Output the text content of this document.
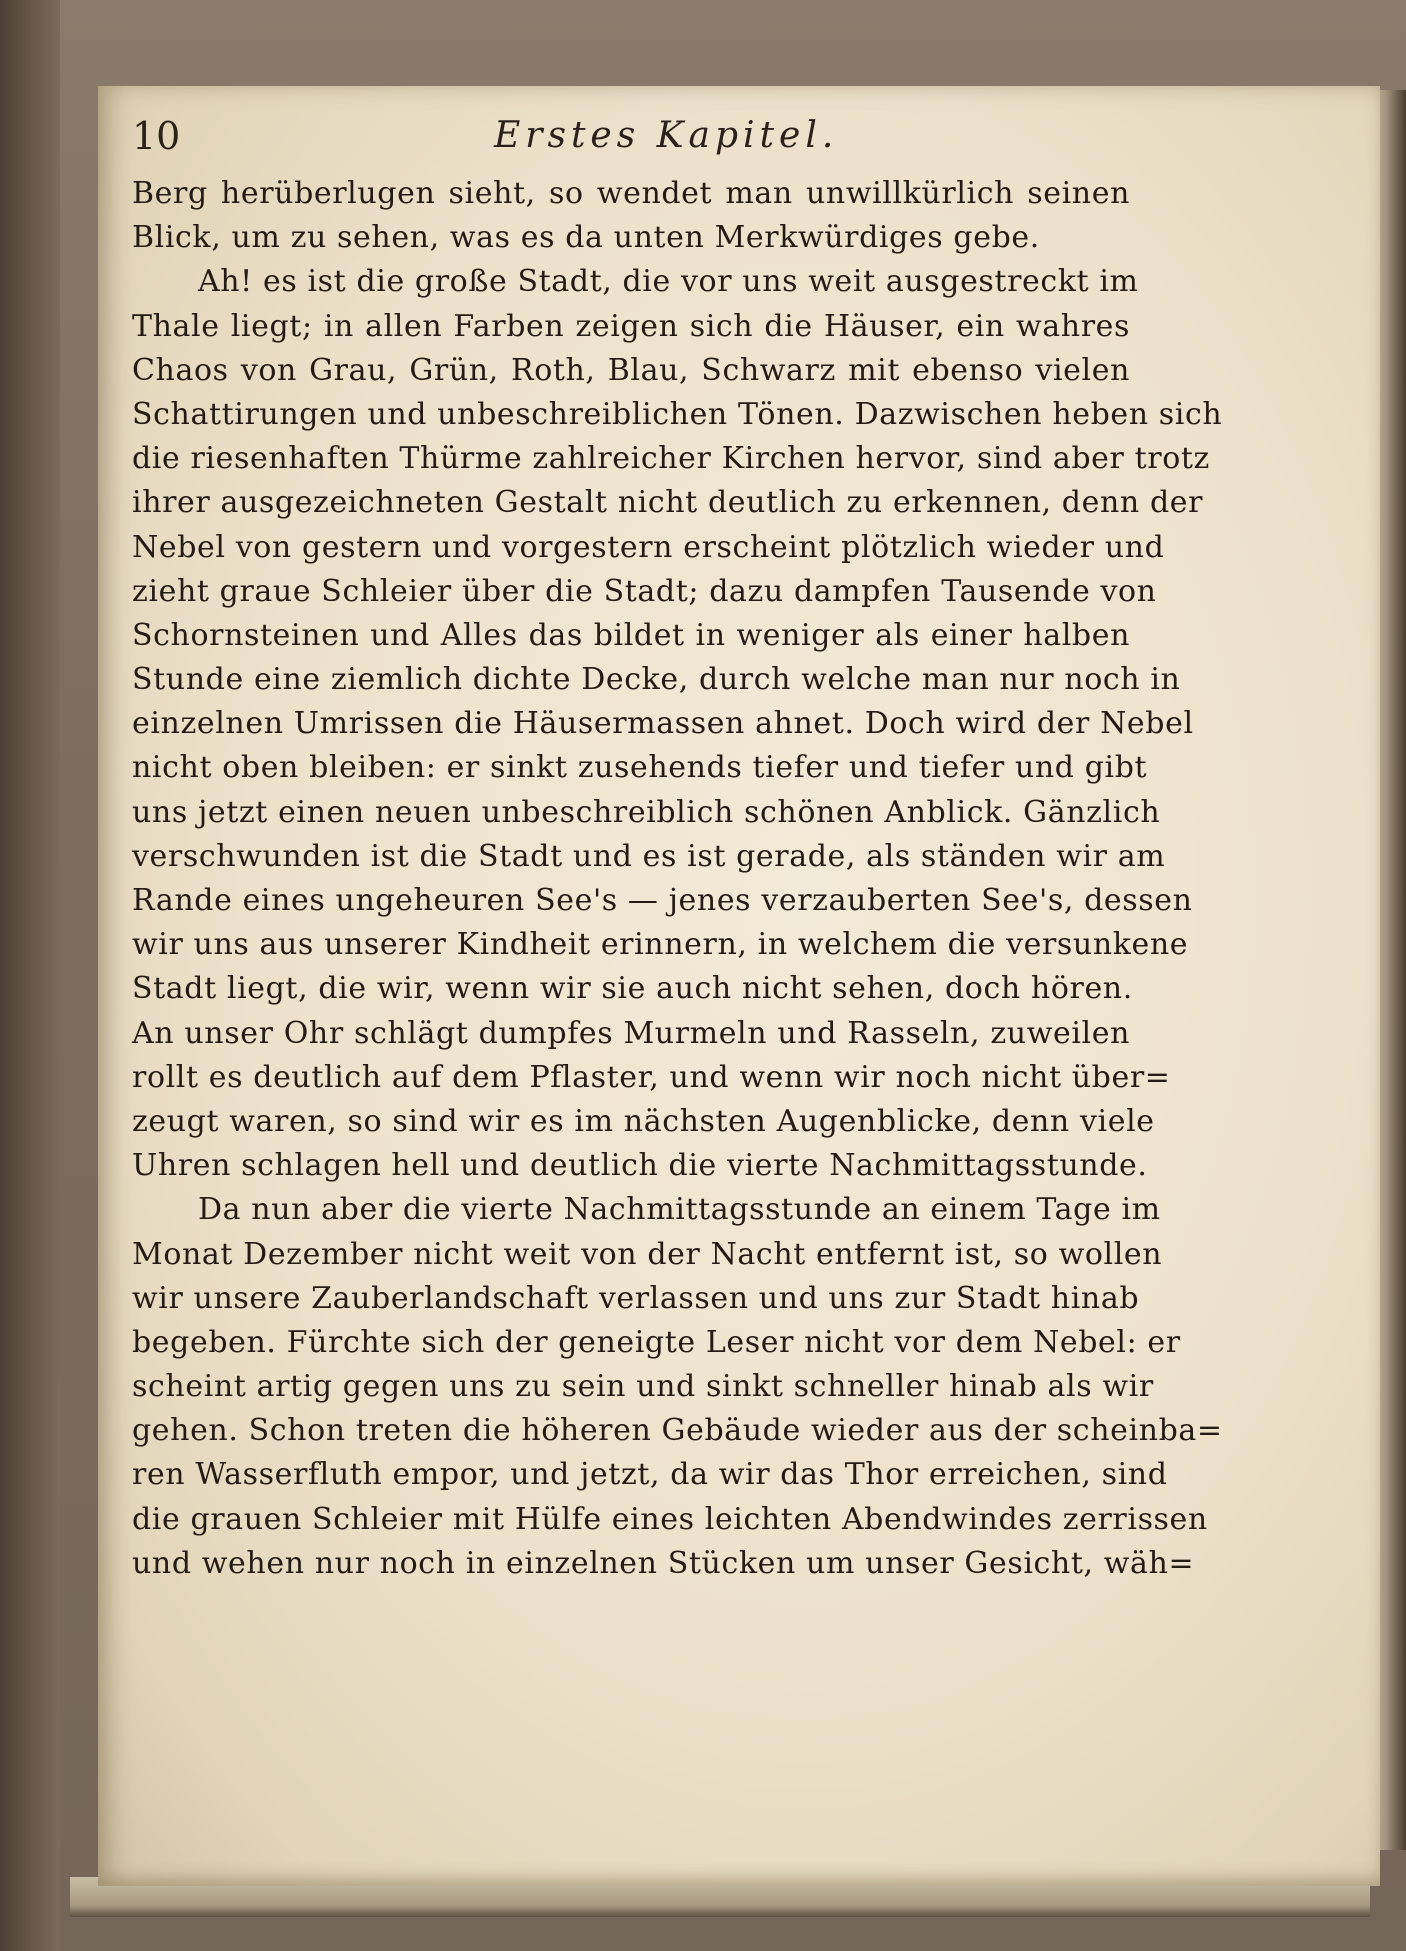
10	Erstes Kapitel.
Berg herüberlugen sieht, so wendet man unwillkürlich seinen
Blick, um zu sehen, was es da unten Merkwürdiges gebe.
Ah! es ist die große Stadt, die vor uns weit ausgestreckt im
Thale liegt; in allen Farben zeigen sich die Häuser, ein wahres
Chaos von Grau, Grün, Roth, Blau, Schwarz mit ebenso vielen
Schattirungen und unbeschreiblichen Tönen. Dazwischen heben sich
die riesenhaften Thürme zahlreicher Kirchen hervor, sind aber trotz
ihrer ausgezeichneten Gestalt nicht deutlich zu erkennen, denn der
Nebel von gestern und vorgestern erscheint plötzlich wieder und
zieht graue Schleier über die Stadt; dazu dampfen Tausende von
Schornsteinen und Alles das bildet in weniger als einer halben
Stunde eine ziemlich dichte Decke, durch welche man nur noch in
einzelnen Umrissen die Häusermassen ahnet. Doch wird der Nebel
nicht oben bleiben: er sinkt zusehends tiefer und tiefer und gibt
uns jetzt einen neuen unbeschreiblich schönen Anblick. Gänzlich
verschwunden ist die Stadt und es ist gerade, als ständen wir am
Rande eines ungeheuren See's — jenes verzauberten See's, dessen
wir uns aus unserer Kindheit erinnern, in welchem die versunkene
Stadt liegt, die wir, wenn wir sie auch nicht sehen, doch hören.
An unser Ohr schlägt dumpfes Murmeln und Rasseln, zuweilen
rollt es deutlich auf dem Pflaster, und wenn wir noch nicht über=
zeugt waren, so sind wir es im nächsten Augenblicke, denn viele
Uhren schlagen hell und deutlich die vierte Nachmittagsstunde.
Da nun aber die vierte Nachmittagsstunde an einem Tage im
Monat Dezember nicht weit von der Nacht entfernt ist, so wollen
wir unsere Zauberlandschaft verlassen und uns zur Stadt hinab
begeben. Fürchte sich der geneigte Leser nicht vor dem Nebel: er
scheint artig gegen uns zu sein und sinkt schneller hinab als wir
gehen. Schon treten die höheren Gebäude wieder aus der scheinba=
ren Wasserfluth empor, und jetzt, da wir das Thor erreichen, sind
die grauen Schleier mit Hülfe eines leichten Abendwindes zerrissen
und wehen nur noch in einzelnen Stücken um unser Gesicht, wäh=
